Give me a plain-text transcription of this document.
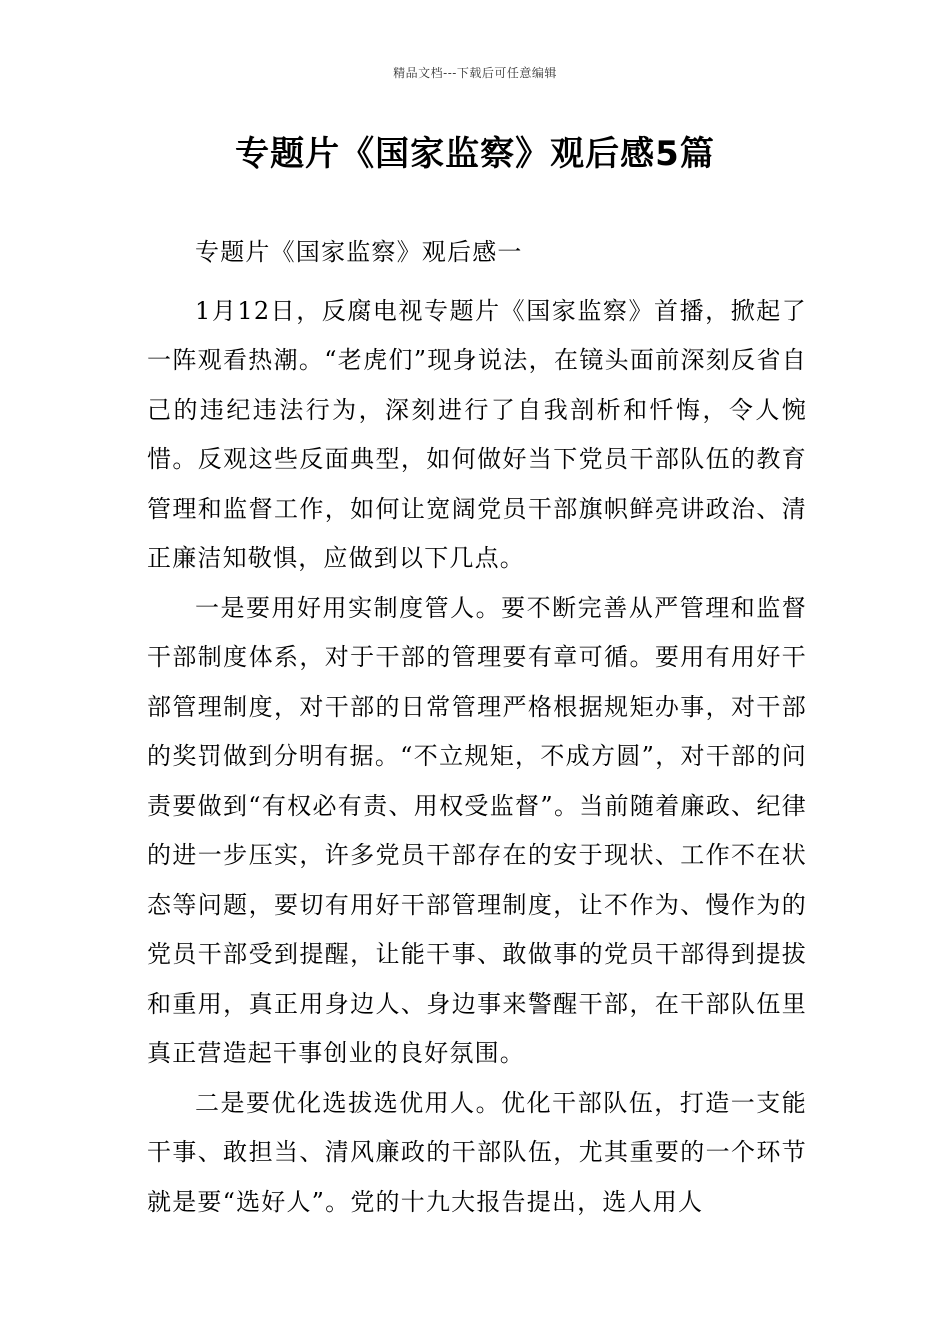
精品文档---下载后可任意编辑
专题片《国家监察》观后感5篇

专题片《国家监察》观后感一

1月12日，反腐电视专题片《国家监察》首播，掀起了一阵观看热潮。“老虎们”现身说法，在镜头面前深刻反省自己的违纪违法行为，深刻进行了自我剖析和忏悔，令人惋惜。反观这些反面典型，如何做好当下党员干部队伍的教育管理和监督工作，如何让宽阔党员干部旗帜鲜亮讲政治、清正廉洁知敬惧，应做到以下几点。

一是要用好用实制度管人。要不断完善从严管理和监督干部制度体系，对于干部的管理要有章可循。要用有用好干部管理制度，对干部的日常管理严格根据规矩办事，对干部的奖罚做到分明有据。“不立规矩，不成方圆”，对干部的问责要做到“有权必有责、用权受监督”。当前随着廉政、纪律的进一步压实，许多党员干部存在的安于现状、工作不在状态等问题，要切有用好干部管理制度，让不作为、慢作为的党员干部受到提醒，让能干事、敢做事的党员干部得到提拔和重用，真正用身边人、身边事来警醒干部，在干部队伍里真正营造起干事创业的良好氛围。

二是要优化选拔选优用人。优化干部队伍，打造一支能干事、敢担当、清风廉政的干部队伍，尤其重要的一个环节就是要“选好人”。党的十九大报告提出，选人用人
